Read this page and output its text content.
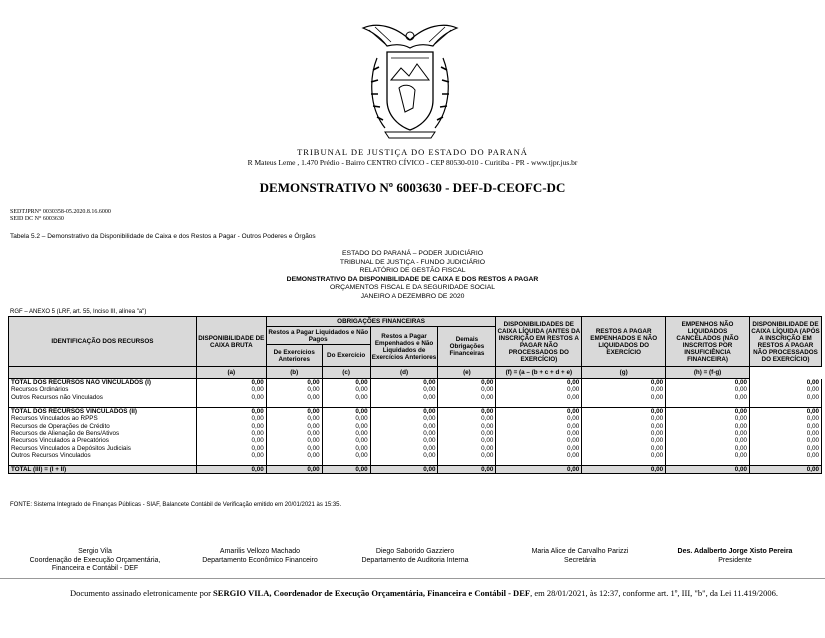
TRIBUNAL DE JUSTIÇA DO ESTADO DO PARANÁ
R Mateus Leme , 1.470 Prédio - Bairro CENTRO CÍVICO - CEP 80530-010 - Curitiba - PR - www.tjpr.jus.br
DEMONSTRATIVO Nº 6003630 - DEF-D-CEOFC-DC
SEDTJPRN° 0030358-05.2020.8.16.6000
SEID DC N° 6003630
Tabela 5.2 – Demonstrativo da Disponibilidade de Caixa e dos Restos a Pagar - Outros Poderes e Órgãos
ESTADO DO PARANÁ – PODER JUDICIÁRIO
TRIBUNAL DE JUSTIÇA - FUNDO JUDICIÁRIO
RELATÓRIO DE GESTÃO FISCAL
DEMONSTRATIVO DA DISPONIBILIDADE DE CAIXA E DOS RESTOS A PAGAR
ORÇAMENTOS FISCAL E DA SEGURIDADE SOCIAL
JANEIRO A DEZEMBRO DE 2020
RGF – ANEXO 5 (LRF, art. 55, Inciso III, alínea "a")
IDENTIFICAÇÃO DOS RECURSOS	DISPONIBILIDADE DE CAIXA BRUTA	OBRIGAÇÕES FINANCEIRAS				DISPONIBILIDADES DE CAIXA LÍQUIDA (ANTES DA INSCRIÇÃO EM RESTOS A PAGAR NÃO PROCESSADOS DO EXERCÍCIO)	RESTOS A PAGAR EMPENHADOS E NÃO LIQUIDADOS DO EXERCÍCIO	EMPENHOS NÃO LIQUIDADOS CANCELADOS (NÃO INSCRITOS POR INSUFICIÊNCIA FINANCEIRA)	DISPONIBILIDADE DE CAIXA LÍQUIDA (APÓS A INSCRIÇÃO EM RESTOS A PAGAR NÃO PROCESSADOS DO EXERCÍCIO)
		Restos a Pagar Liquidados e Não Pagos		Restos a Pagar Empenhados e Não Liquidados de Exercícios Anteriores	Demais Obrigações Financeiras				
		De Exercícios Anteriores	Do Exercício						
	(a)	(b)	(c)	(d)	(e)	(f) = (a – (b + c + d + e)	(g)	(h) = (f-g)
TOTAL DOS RECURSOS NÃO VINCULADOS (I)	0,00	0,00	0,00	0,00	0,00	0,00	0,00	0,00	0,00
Recursos Ordinários	0,00	0,00	0,00	0,00	0,00	0,00	0,00	0,00	0,00
Outros Recursos não Vinculados	0,00	0,00	0,00	0,00	0,00	0,00	0,00	0,00	0,00

TOTAL DOS RECURSOS VINCULADOS (II)	0,00	0,00	0,00	0,00	0,00	0,00	0,00	0,00	0,00
Recursos Vinculados ao RPPS	0,00	0,00	0,00	0,00	0,00	0,00	0,00	0,00	0,00
Recursos de Operações de Crédito	0,00	0,00	0,00	0,00	0,00	0,00	0,00	0,00	0,00
Recursos de Alienação de Bens/Ativos	0,00	0,00	0,00	0,00	0,00	0,00	0,00	0,00	0,00
Recursos Vinculados a Precatórios	0,00	0,00	0,00	0,00	0,00	0,00	0,00	0,00	0,00
Recursos Vinculados a Depósitos Judiciais	0,00	0,00	0,00	0,00	0,00	0,00	0,00	0,00	0,00
Outros Recursos Vinculados	0,00	0,00	0,00	0,00	0,00	0,00	0,00	0,00	0,00

TOTAL (III) = (I + II)	0,00	0,00	0,00	0,00	0,00	0,00	0,00	0,00	0,00
FONTE: Sistema Integrado de Finanças Públicas - SIAF, Balancete Contábil de Verificação emitido em 20/01/2021 às 15:35.
Sergio Vila
Coordenação de Execução Orçamentária, Financeira e Contábil - DEF
Amarilis Vellozo Machado
Departamento Econômico Financeiro
Diego Saborido Gazziero
Departamento de Auditoria Interna
Maria Alice de Carvalho Parizzi
Secretária
Des. Adalberto Jorge Xisto Pereira
Presidente
Documento assinado eletronicamente por SERGIO VILA, Coordenador de Execução Orçamentária, Financeira e Contábil - DEF, em 28/01/2021, às 12:37, conforme art. 1º, III, "b", da Lei 11.419/2006.
